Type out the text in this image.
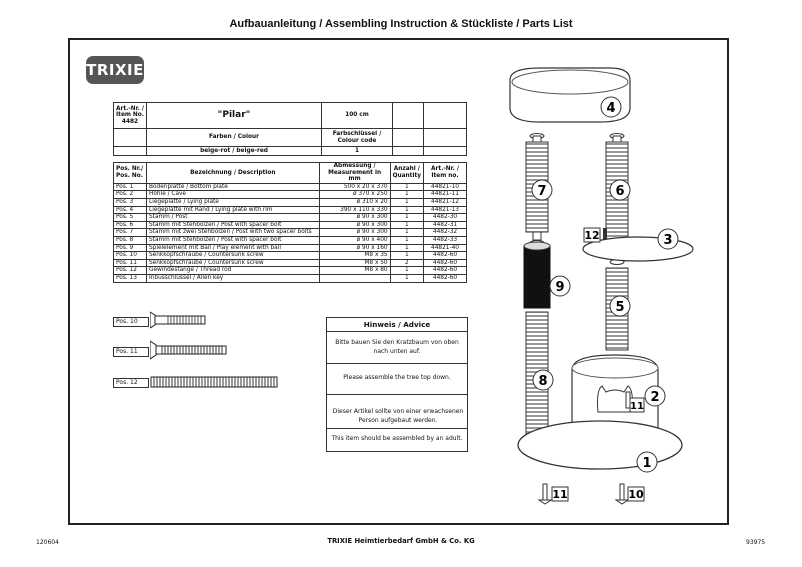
Aufbauanleitung / Assembling Instruction & Stückliste / Parts List
TRIXIE
Art.-Nr. / Item No.
4482	"Pilar"	100 cm		
	Farben / Colour	Farbschlüssel / Colour code		
	beige-rot / beige-red	1		
Pos. Nr./ Pos. No.	Bezeichnung / Description	Abmessung / Measurement in mm	Anzahl / Quantity	Art.-Nr. / Item no.
Pos. 1	Bodenplatte / Bottom plate	500 x 20 x 370	1	44821-10
Pos. 2	Höhle / Cave	ø 370 x 250	1	44821-11
Pos. 3	Liegeplatte / Lying plate	ø 310 x 20	1	44821-12
Pos. 4	Liegeplatte mit Rand / Lying plate with rim	390 x 110 x 330	1	44821-13
Pos. 5	Stamm / Post	ø 90 x 300	1	4482-30
Pos. 6	Stamm mit Stehbolzen / Post with spacer bolt	ø 90 x 300	1	4482-31
Pos. 7	Stamm mit zwei Stehbolzen / Post with two spacer bolts	ø 90 x 300	1	4482-32
Pos. 8	Stamm mit Stehbolzen / Post with spacer bolt	ø 90 x 400	1	4482-33
Pos. 9	Spielelement mit Ball / Play element with ball	ø 90 x 160	1	44821-40
Pos. 10	Senkkopfschraube / Countersunk screw	M8 x 35	1	4482-60
Pos. 11	Senkkopfschraube / Countersunk screw	M8 x 50	2	4482-60
Pos. 12	Gewindestange / Thread rod	M8 x 80	1	4482-60
Pos. 13	Inbusschlüssel / Allen key		1	4482-60
Pos. 10
Pos. 11
Pos. 12
Hinweis / Advice
Bitte bauen Sie den Kratzbaum von oben nach unten auf.
Please assemble the tree top down.
Dieser Artikel sollte von einer erwachsenen Person aufgebaut werden.
This item should be assembled by an adult.
4
7	6
12	3
9
5
8
2
11
1
11	10
120604	TRIXIE Heimtierbedarf GmbH & Co. KG	93975
